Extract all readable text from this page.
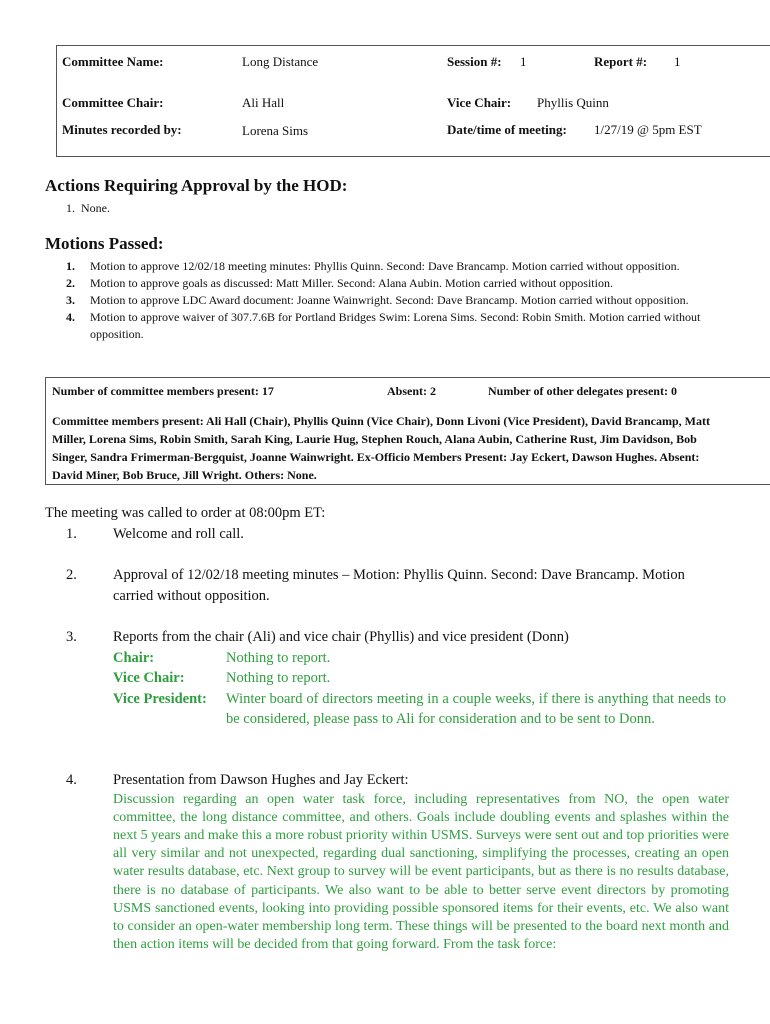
Committee Name:	Long Distance	Session #: 1	Report #: 1
Committee Chair:	Ali Hall	Vice Chair: Phyllis Quinn
Minutes recorded by:	Lorena Sims	Date/time of meeting: 1/27/19 @ 5pm EST
Actions Requiring Approval by the HOD:
1. None.
Motions Passed:
1.	Motion to approve 12/02/18 meeting minutes: Phyllis Quinn. Second: Dave Brancamp. Motion carried without opposition.
2.	Motion to approve goals as discussed: Matt Miller. Second: Alana Aubin. Motion carried without opposition.
3.	Motion to approve LDC Award document: Joanne Wainwright. Second: Dave Brancamp. Motion carried without opposition.
4.	Motion to approve waiver of 307.7.6B for Portland Bridges Swim: Lorena Sims. Second: Robin Smith. Motion carried without opposition.
Number of committee members present: 17	Absent: 2	Number of other delegates present: 0
Committee members present: Ali Hall (Chair), Phyllis Quinn (Vice Chair), Donn Livoni (Vice President), David Brancamp, Matt Miller, Lorena Sims, Robin Smith, Sarah King, Laurie Hug, Stephen Rouch, Alana Aubin, Catherine Rust, Jim Davidson, Bob Singer, Sandra Frimerman-Bergquist, Joanne Wainwright. Ex-Officio Members Present: Jay Eckert, Dawson Hughes. Absent: David Miner, Bob Bruce, Jill Wright. Others: None.
The meeting was called to order at 08:00pm ET:
1.	Welcome and roll call.
2.	Approval of 12/02/18 meeting minutes – Motion: Phyllis Quinn. Second: Dave Brancamp. Motion carried without opposition.
3.	Reports from the chair (Ali) and vice chair (Phyllis) and vice president (Donn)
Chair:	Nothing to report.
Vice Chair:	Nothing to report.
Vice President:	Winter board of directors meeting in a couple weeks, if there is anything that needs to be considered, please pass to Ali for consideration and to be sent to Donn.
4.	Presentation from Dawson Hughes and Jay Eckert:
Discussion regarding an open water task force, including representatives from NO, the open water committee, the long distance committee, and others. Goals include doubling events and splashes within the next 5 years and make this a more robust priority within USMS. Surveys were sent out and top priorities were all very similar and not unexpected, regarding dual sanctioning, simplifying the processes, creating an open water results database, etc. Next group to survey will be event participants, but as there is no results database, there is no database of participants. We also want to be able to better serve event directors by promoting USMS sanctioned events, looking into providing possible sponsored items for their events, etc. We also want to consider an open-water membership long term. These things will be presented to the board next month and then action items will be decided from that going forward. From the task force:
